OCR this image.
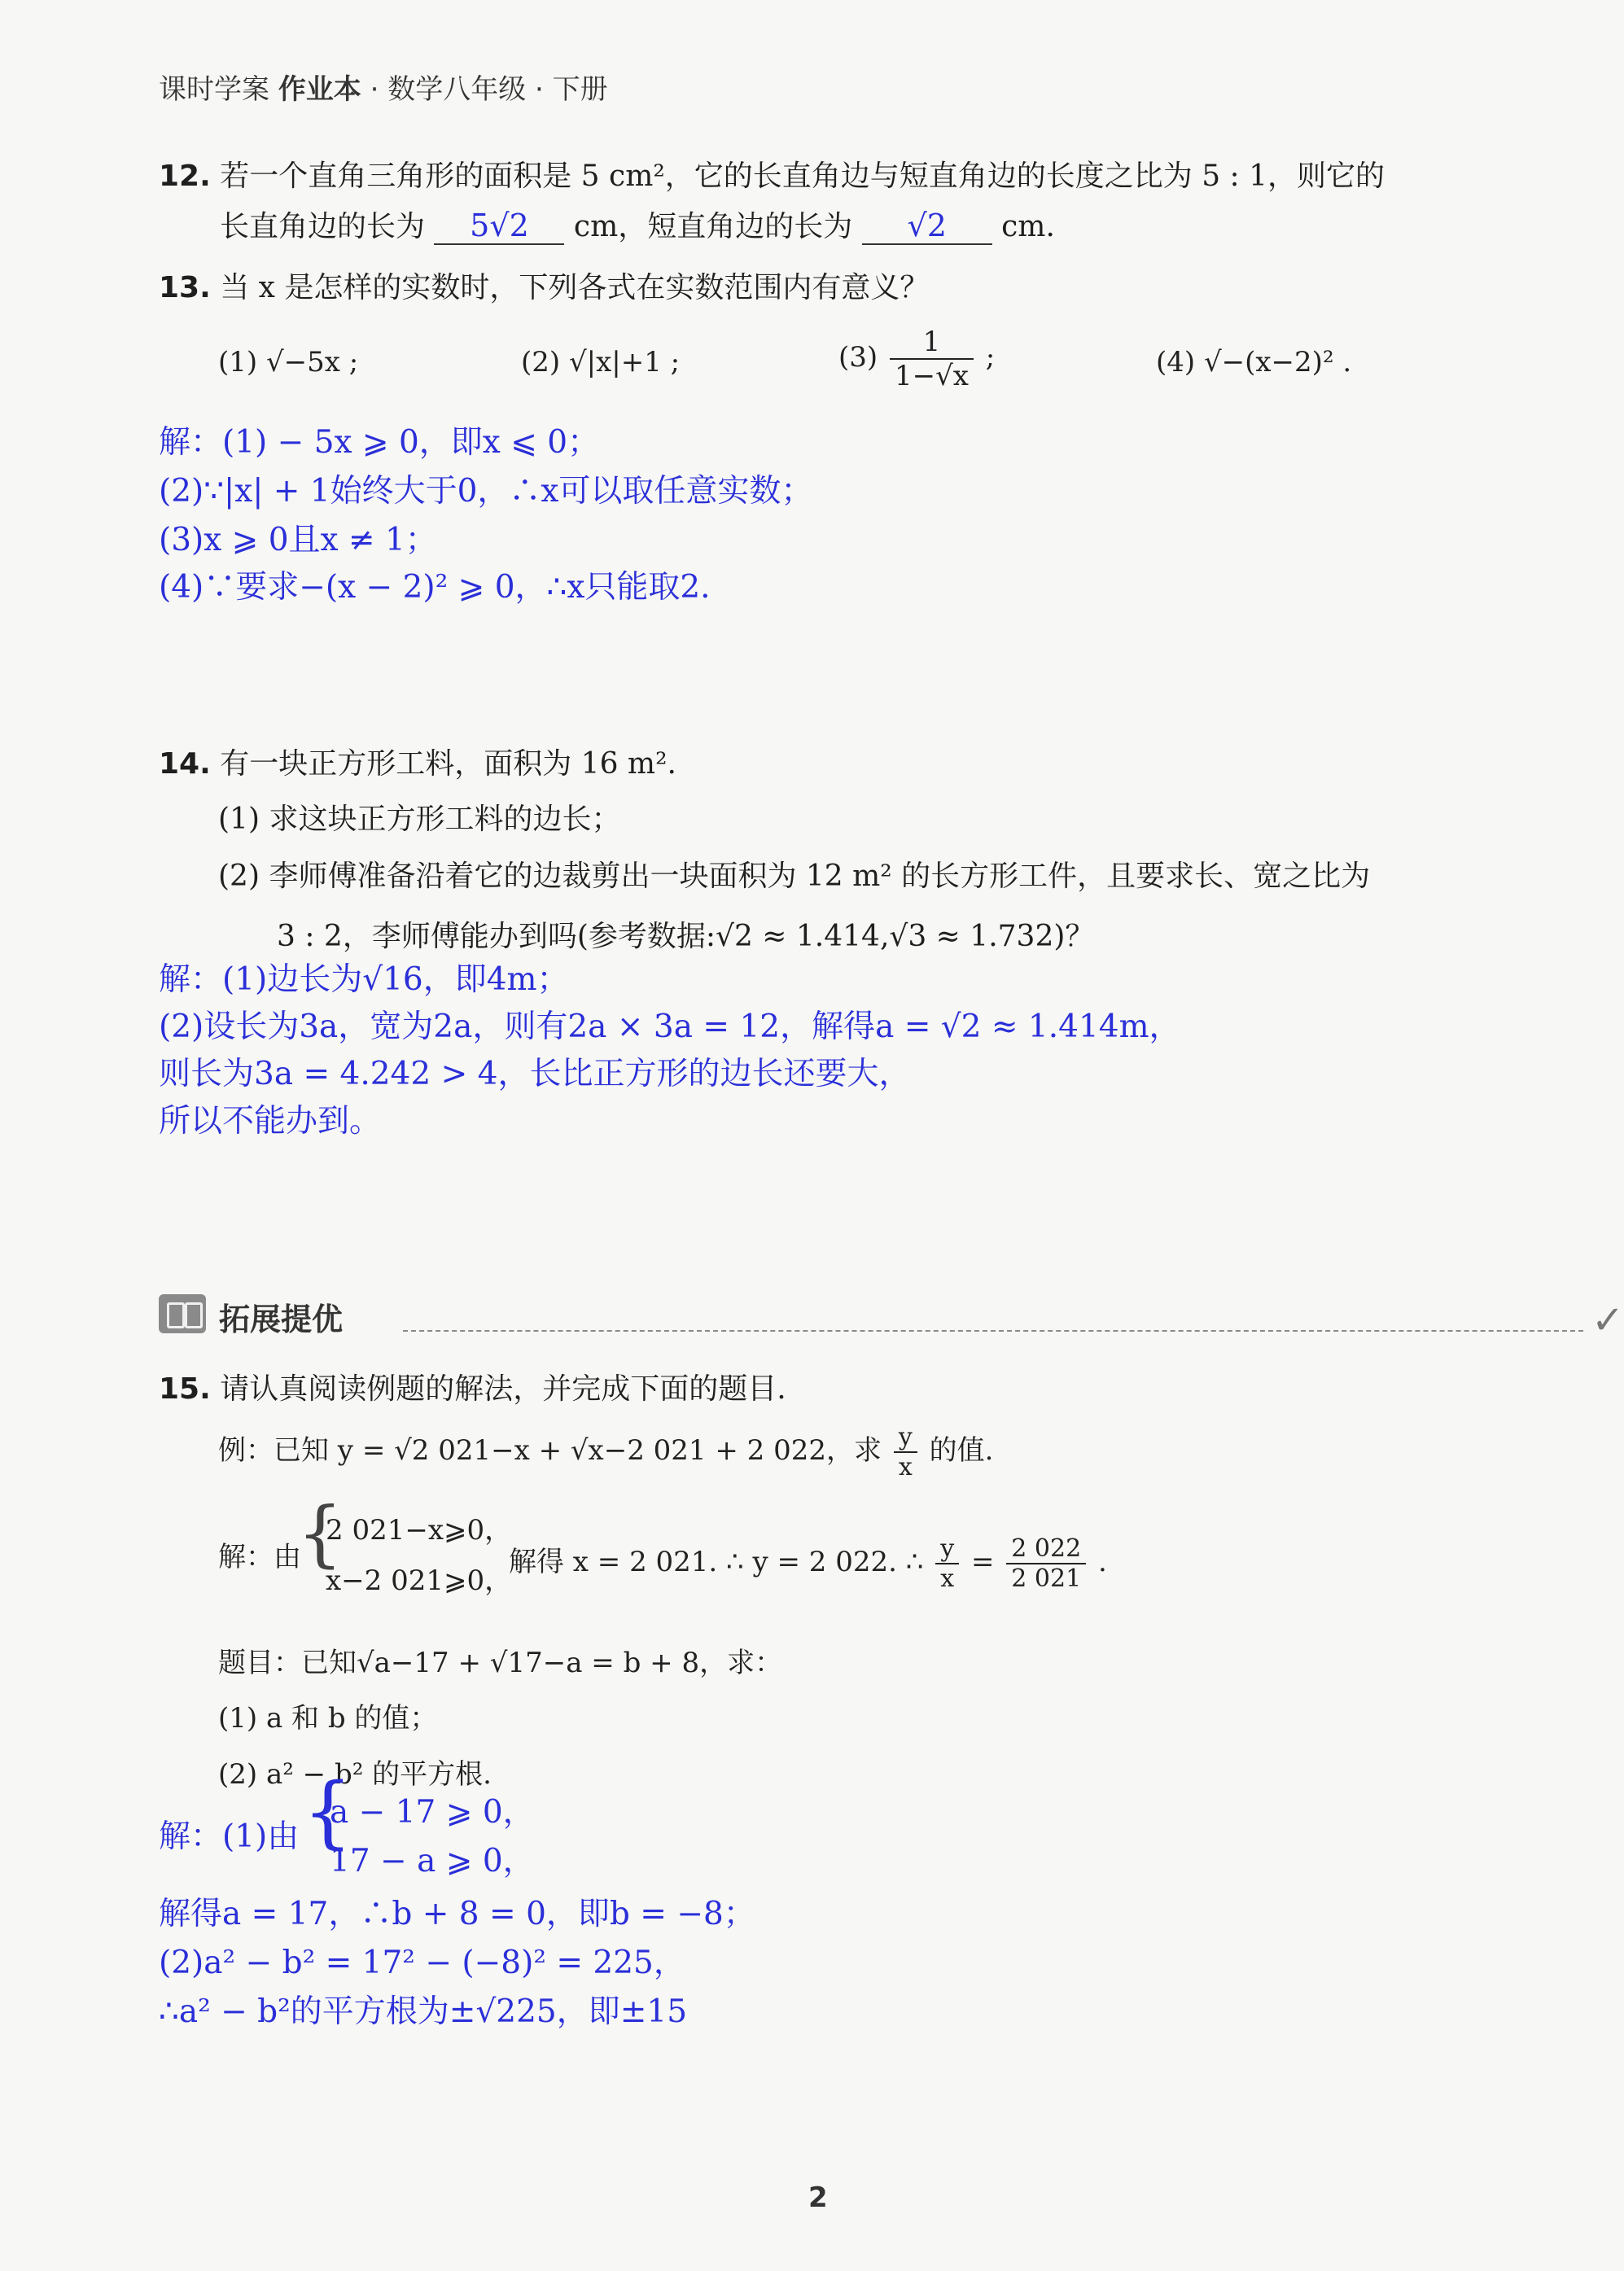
课时学案 作业本 · 数学八年级 · 下册
12. 若一个直角三角形的面积是 5 cm²，它的长直角边与短直角边的长度之比为 5 : 1，则它的
长直角边的长为 5√2 cm，短直角边的长为 √2 cm.
13. 当 x 是怎样的实数时，下列各式在实数范围内有意义？
(1) √−5x ;	(2) √|x|+1 ;	$(3) \frac{1}{1-√x}$ ;	(4) √−(x−2)² .
解：(1) − 5x ⩾ 0，即x ⩽ 0；
(2)∵|x| + 1始终大于0，∴x可以取任意实数；
(3)x ⩾ 0且x ≠ 1；
(4)∵要求−(x − 2)² ⩾ 0，∴x只能取2.
14. 有一块正方形工料，面积为 16 m².
(1) 求这块正方形工料的边长；
(2) 李师傅准备沿着它的边裁剪出一块面积为 12 m² 的长方形工件，且要求长、宽之比为
3 : 2，李师傅能办到吗(参考数据:√2 ≈ 1.414,√3 ≈ 1.732)？
解：(1)边长为√16，即4m；
(2)设长为3a，宽为2a，则有2a × 3a = 12，解得a = √2 ≈ 1.414m，
则长为3a = 4.242 > 4，长比正方形的边长还要大，
所以不能办到。
拓展提优	✓
15. 请认真阅读例题的解法，并完成下面的题目.
例：已知 y = √2 021−x + √x−2 021 + 2 022，求 $\frac{y}{x}$ 的值.
解：由
{
2 021−x⩾0，
x−2 021⩾0，
解得 x = 2 021. ∴ y = 2 022. ∴ $\frac{y}{x} = \frac{2 022}{2 021}$ .
题目：已知√a−17 + √17−a = b + 8，求：
(1) a 和 b 的值；
(2) a² − b² 的平方根.
解：(1)由 {
a − 17 ⩾ 0，
17 − a ⩾ 0，
解得a = 17，∴b + 8 = 0，即b = −8；
(2)a² − b² = 17² − (−8)² = 225，
∴a² − b²的平方根为±√225，即±15
2
